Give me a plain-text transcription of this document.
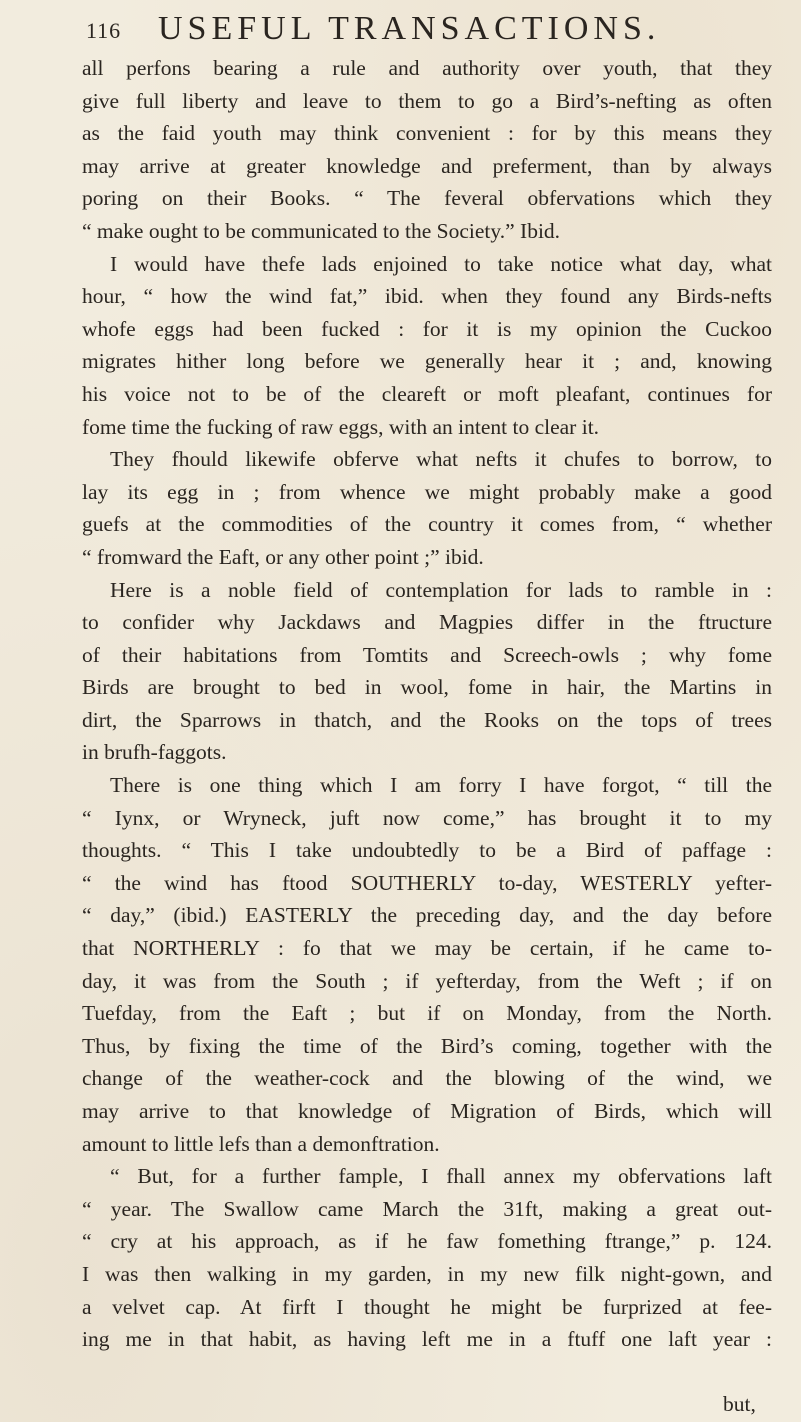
116 USEFUL TRANSACTIONS.
all perfons bearing a rule and authority over youth, that they
give full liberty and leave to them to go a Bird’s-nefting as often
as the faid youth may think convenient : for by this means they
may arrive at greater knowledge and preferment, than by always
poring on their Books. “ The feveral obfervations which they
“ make ought to be communicated to the Society.” Ibid.
I would have thefe lads enjoined to take notice what day, what
hour, “ how the wind fat,” ibid. when they found any Birds-nefts
whofe eggs had been fucked : for it is my opinion the Cuckoo
migrates hither long before we generally hear it ; and, knowing
his voice not to be of the cleareft or moft pleafant, continues for
fome time the fucking of raw eggs, with an intent to clear it.
They fhould likewife obferve what nefts it chufes to borrow, to
lay its egg in ; from whence we might probably make a good
guefs at the commodities of the country it comes from, “ whether
“ fromward the Eaft, or any other point ;” ibid.
Here is a noble field of contemplation for lads to ramble in :
to confider why Jackdaws and Magpies differ in the ftructure
of their habitations from Tomtits and Screech-owls ; why fome
Birds are brought to bed in wool, fome in hair, the Martins in
dirt, the Sparrows in thatch, and the Rooks on the tops of trees
in brufh-faggots.
There is one thing which I am forry I have forgot, “ till the
“ Iynx, or Wryneck, juft now come,” has brought it to my
thoughts. “ This I take undoubtedly to be a Bird of paffage :
“ the wind has ftood SOUTHERLY to-day, WESTERLY yefter-
“ day,” (ibid.) EASTERLY the preceding day, and the day before
that NORTHERLY : fo that we may be certain, if he came to-
day, it was from the South ; if yefterday, from the Weft ; if on
Tuefday, from the Eaft ; but if on Monday, from the North.
Thus, by fixing the time of the Bird’s coming, together with the
change of the weather-cock and the blowing of the wind, we
may arrive to that knowledge of Migration of Birds, which will
amount to little lefs than a demonftration.
“ But, for a further fample, I fhall annex my obfervations laft
“ year. The Swallow came March the 31ft, making a great out-
“ cry at his approach, as if he faw fomething ftrange,” p. 124.
I was then walking in my garden, in my new filk night-gown, and
a velvet cap. At firft I thought he might be furprized at fee-
ing me in that habit, as having left me in a ftuff one laft year :
but,
